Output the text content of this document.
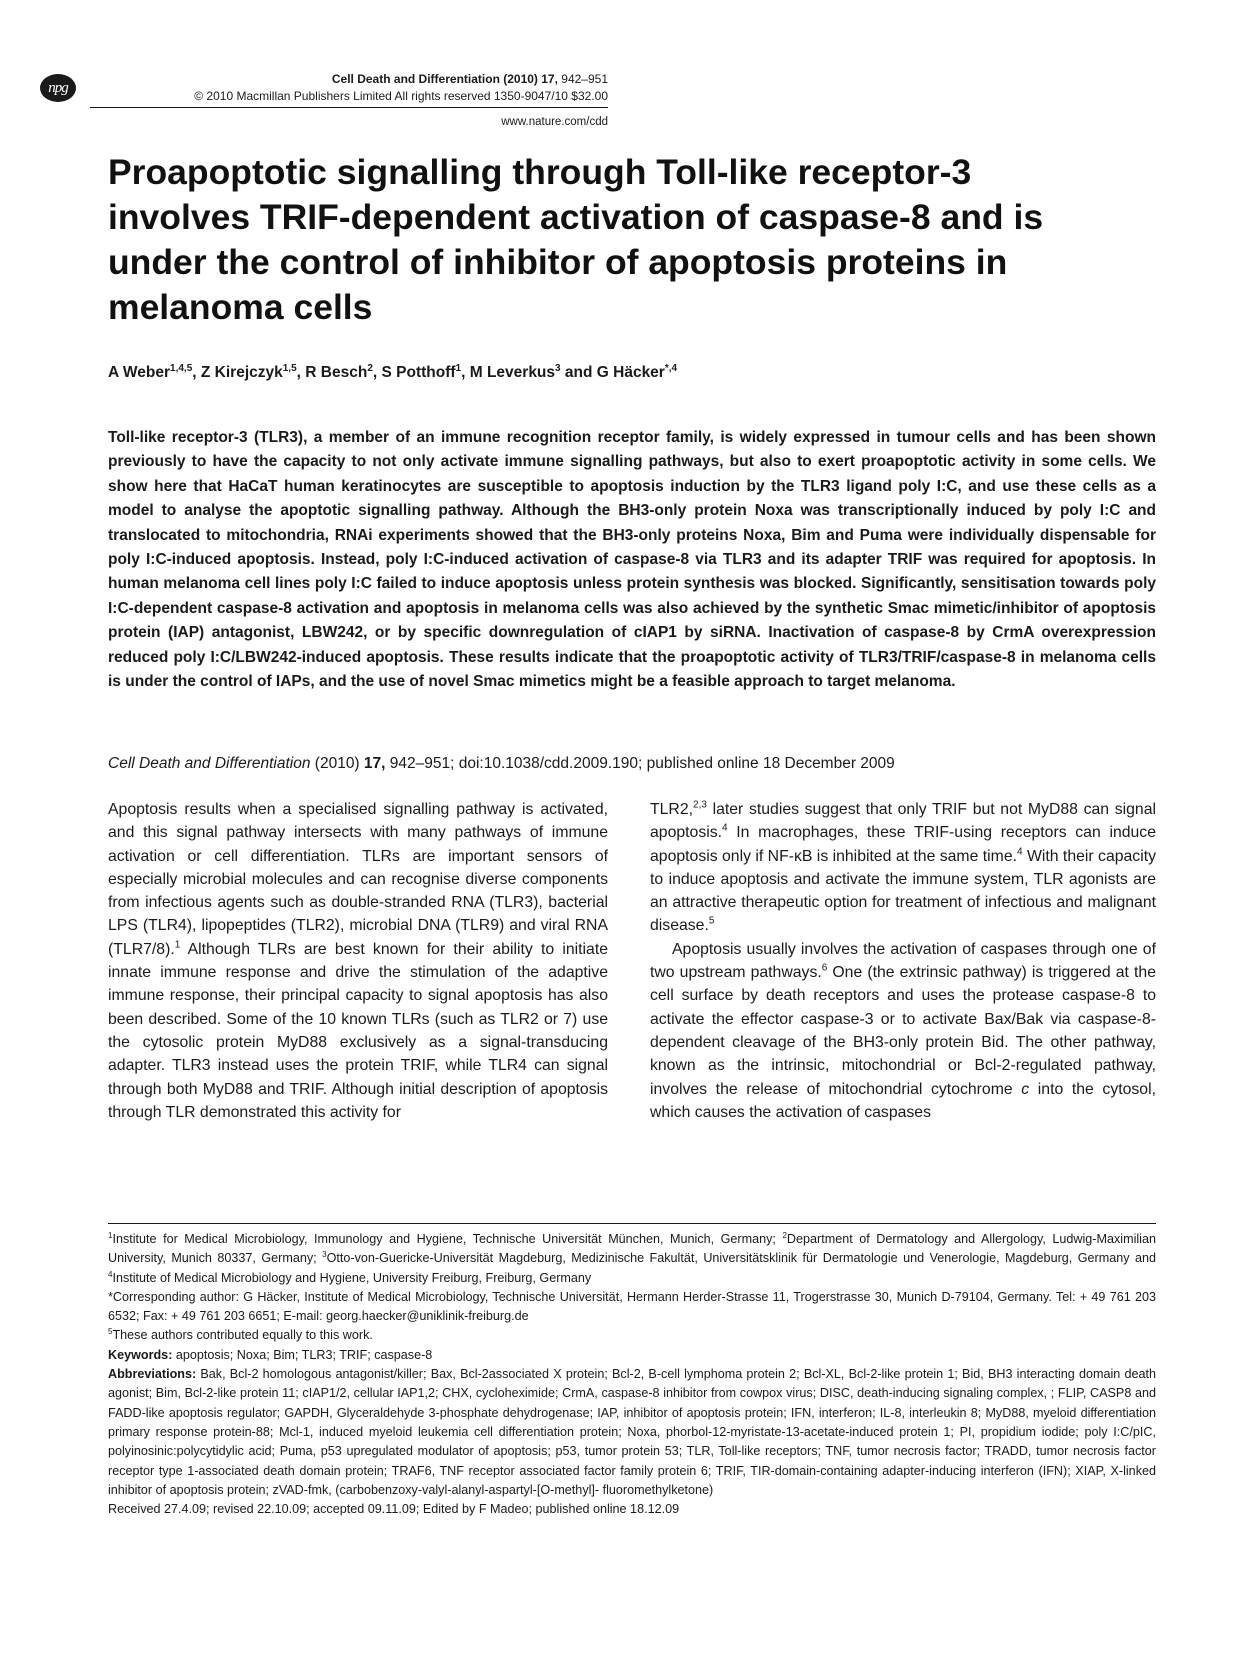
npg
Cell Death and Differentiation (2010) 17, 942–951
© 2010 Macmillan Publishers Limited All rights reserved 1350-9047/10 $32.00
www.nature.com/cdd
Proapoptotic signalling through Toll-like receptor-3 involves TRIF-dependent activation of caspase-8 and is under the control of inhibitor of apoptosis proteins in melanoma cells
A Weber$^{1,4,5}$, Z Kirejczyk$^{1,5}$, R Besch$^2$, S Potthoff$^1$, M Leverkus$^3$ and G Häcker$^{*,4}$

Toll-like receptor-3 (TLR3), a member of an immune recognition receptor family, is widely expressed in tumour cells and has been shown previously to have the capacity to not only activate immune signalling pathways, but also to exert proapoptotic activity in some cells. We show here that HaCaT human keratinocytes are susceptible to apoptosis induction by the TLR3 ligand poly I:C, and use these cells as a model to analyse the apoptotic signalling pathway. Although the BH3-only protein Noxa was transcriptionally induced by poly I:C and translocated to mitochondria, RNAi experiments showed that the BH3-only proteins Noxa, Bim and Puma were individually dispensable for poly I:C-induced apoptosis. Instead, poly I:C-induced activation of caspase-8 via TLR3 and its adapter TRIF was required for apoptosis. In human melanoma cell lines poly I:C failed to induce apoptosis unless protein synthesis was blocked. Significantly, sensitisation towards poly I:C-dependent caspase-8 activation and apoptosis in melanoma cells was also achieved by the synthetic Smac mimetic/inhibitor of apoptosis protein (IAP) antagonist, LBW242, or by specific downregulation of cIAP1 by siRNA. Inactivation of caspase-8 by CrmA overexpression reduced poly I:C/LBW242-induced apoptosis. These results indicate that the proapoptotic activity of TLR3/TRIF/caspase-8 in melanoma cells is under the control of IAPs, and the use of novel Smac mimetics might be a feasible approach to target melanoma.

Cell Death and Differentiation (2010) 17, 942–951; doi:10.1038/cdd.2009.190; published online 18 December 2009

Apoptosis results when a specialised signalling pathway is activated, and this signal pathway intersects with many pathways of immune activation or cell differentiation. TLRs are important sensors of especially microbial molecules and can recognise diverse components from infectious agents such as double-stranded RNA (TLR3), bacterial LPS (TLR4), lipopeptides (TLR2), microbial DNA (TLR9) and viral RNA (TLR7/8).$^1$ Although TLRs are best known for their ability to initiate innate immune response and drive the stimulation of the adaptive immune response, their principal capacity to signal apoptosis has also been described. Some of the 10 known TLRs (such as TLR2 or 7) use the cytosolic protein MyD88 exclusively as a signal-transducing adapter. TLR3 instead uses the protein TRIF, while TLR4 can signal through both MyD88 and TRIF. Although initial description of apoptosis through TLR demonstrated this activity for

TLR2,$^{2,3}$ later studies suggest that only TRIF but not MyD88 can signal apoptosis.$^4$ In macrophages, these TRIF-using receptors can induce apoptosis only if NF-κB is inhibited at the same time.$^4$ With their capacity to induce apoptosis and activate the immune system, TLR agonists are an attractive therapeutic option for treatment of infectious and malignant disease.$^5$

Apoptosis usually involves the activation of caspases through one of two upstream pathways.$^6$ One (the extrinsic pathway) is triggered at the cell surface by death receptors and uses the protease caspase-8 to activate the effector caspase-3 or to activate Bax/Bak via caspase-8-dependent cleavage of the BH3-only protein Bid. The other pathway, known as the intrinsic, mitochondrial or Bcl-2-regulated pathway, involves the release of mitochondrial cytochrome c into the cytosol, which causes the activation of caspases

$^1$Institute for Medical Microbiology, Immunology and Hygiene, Technische Universität München, Munich, Germany; $^2$Department of Dermatology and Allergology, Ludwig-Maximilian University, Munich 80337, Germany; $^3$Otto-von-Guericke-Universität Magdeburg, Medizinische Fakultät, Universitätsklinik für Dermatologie und Venerologie, Magdeburg, Germany and $^4$Institute of Medical Microbiology and Hygiene, University Freiburg, Freiburg, Germany

*Corresponding author: G Häcker, Institute of Medical Microbiology, Technische Universität, Hermann Herder-Strasse 11, Trogerstrasse 30, Munich D-79104, Germany. Tel: + 49 761 203 6532; Fax: + 49 761 203 6651; E-mail: georg.haecker@uniklinik-freiburg.de

$^5$These authors contributed equally to this work.

Keywords: apoptosis; Noxa; Bim; TLR3; TRIF; caspase-8

Abbreviations: Bak, Bcl-2 homologous antagonist/killer; Bax, Bcl-2associated X protein; Bcl-2, B-cell lymphoma protein 2; Bcl-XL, Bcl-2-like protein 1; Bid, BH3 interacting domain death agonist; Bim, Bcl-2-like protein 11; cIAP1/2, cellular IAP1,2; CHX, cycloheximide; CrmA, caspase-8 inhibitor from cowpox virus; DISC, death-inducing signaling complex, ; FLIP, CASP8 and FADD-like apoptosis regulator; GAPDH, Glyceraldehyde 3-phosphate dehydrogenase; IAP, inhibitor of apoptosis protein; IFN, interferon; IL-8, interleukin 8; MyD88, myeloid differentiation primary response protein-88; Mcl-1, induced myeloid leukemia cell differentiation protein; Noxa, phorbol-12-myristate-13-acetate-induced protein 1; PI, propidium iodide; poly I:C/pIC, polyinosinic:polycytidylic acid; Puma, p53 upregulated modulator of apoptosis; p53, tumor protein 53; TLR, Toll-like receptors; TNF, tumor necrosis factor; TRADD, tumor necrosis factor receptor type 1-associated death domain protein; TRAF6, TNF receptor associated factor family protein 6; TRIF, TIR-domain-containing adapter-inducing interferon (IFN); XIAP, X-linked inhibitor of apoptosis protein; zVAD-fmk, (carbobenzoxy-valyl-alanyl-aspartyl-[O-methyl]- fluoromethylketone)

Received 27.4.09; revised 22.10.09; accepted 09.11.09; Edited by F Madeo; published online 18.12.09
